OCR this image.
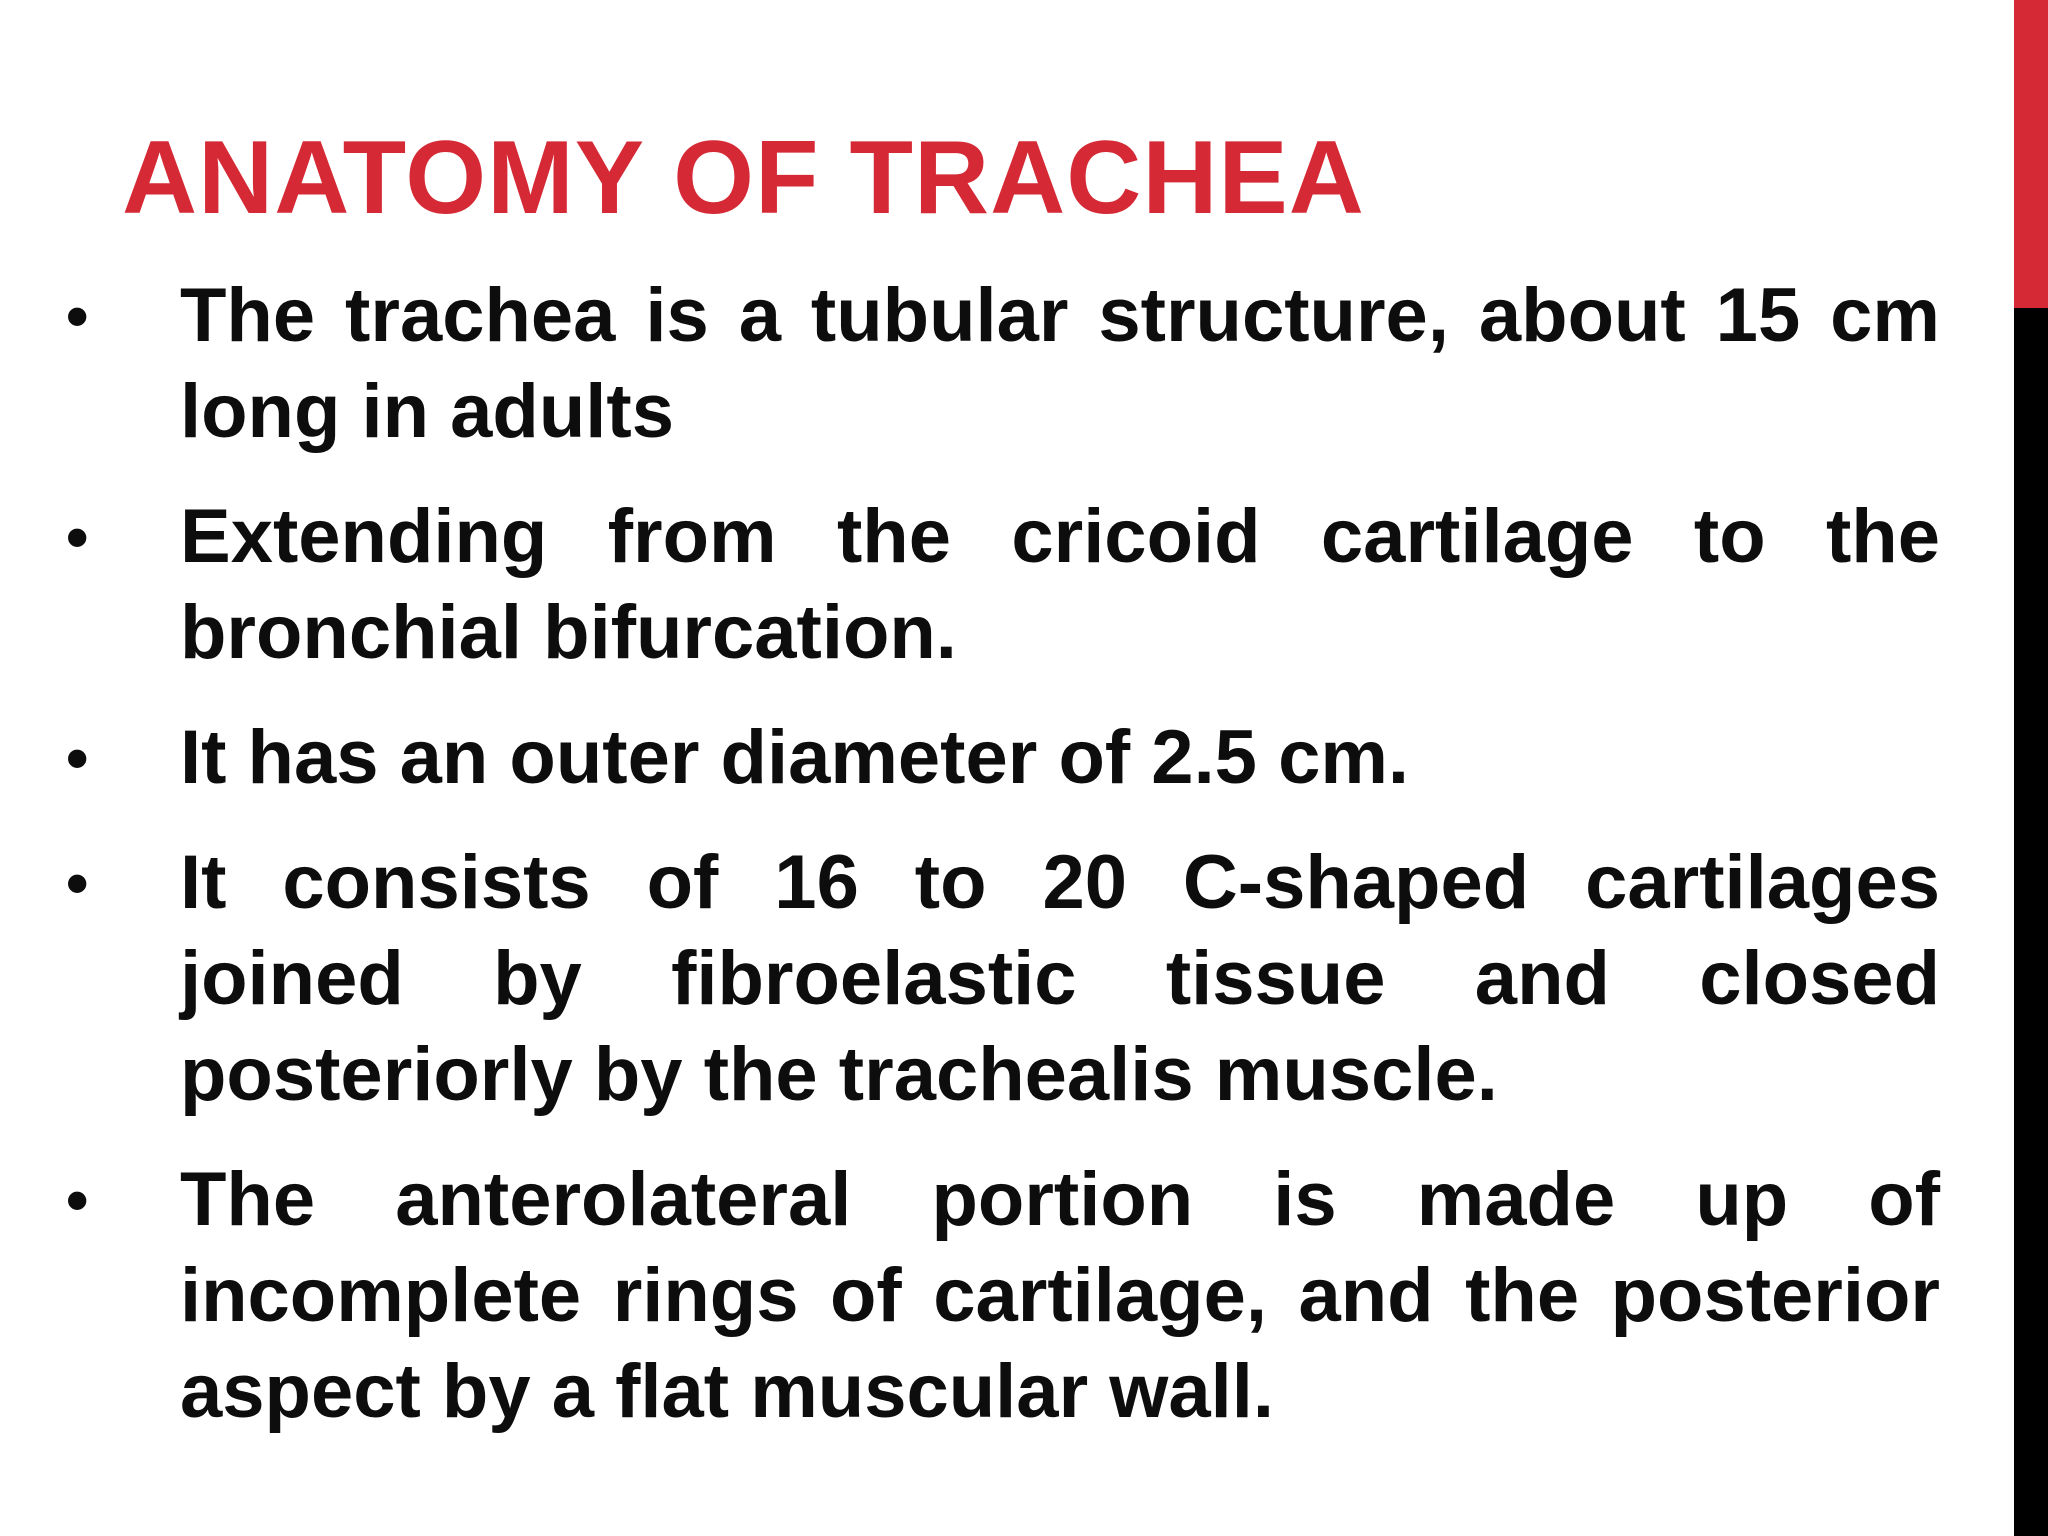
ANATOMY OF TRACHEA
• The trachea is a tubular structure, about 15 cm long in adults
• Extending from the cricoid cartilage to the bronchial bifurcation.
• It has an outer diameter of 2.5 cm.
• It consists of 16 to 20 C-shaped cartilages joined by fibroelastic tissue and closed posteriorly by the trachealis muscle.
• The anterolateral portion is made up of incomplete rings of cartilage, and the posterior aspect by a flat muscular wall.
